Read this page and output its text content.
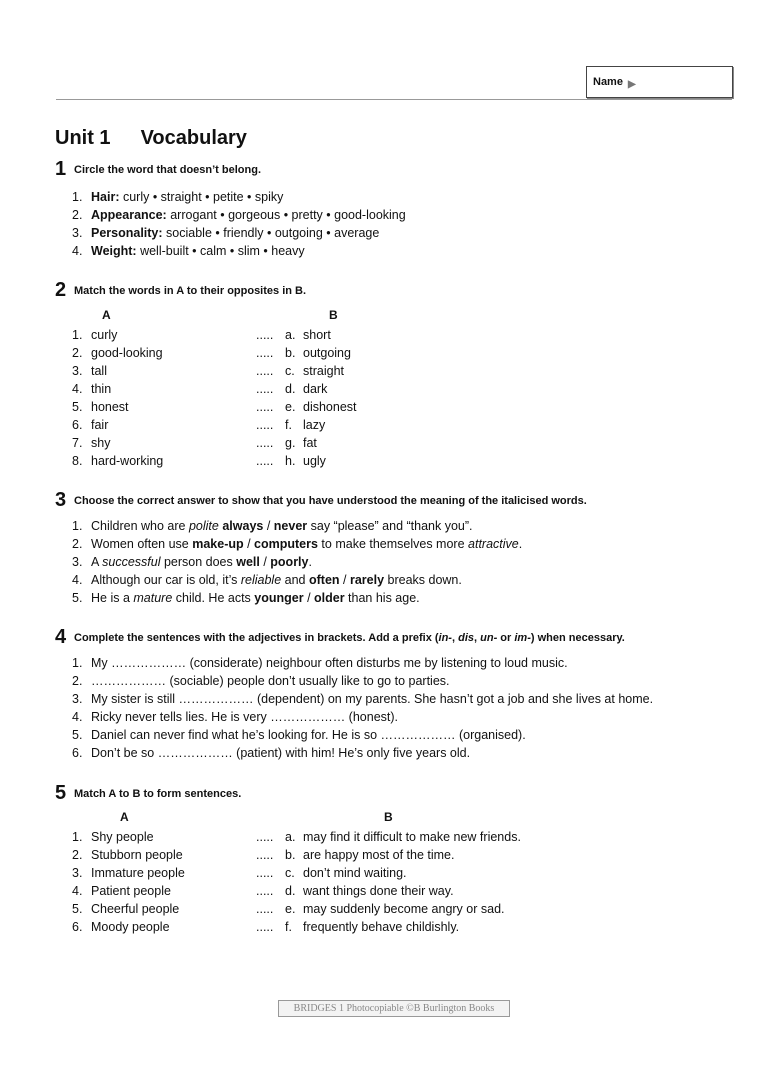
Name ▶
Unit 1 Vocabulary
1 Circle the word that doesn’t belong.
1. Hair: curly • straight • petite • spiky
2. Appearance: arrogant • gorgeous • pretty • good-looking
3. Personality: sociable • friendly • outgoing • average
4. Weight: well-built • calm • slim • heavy
2 Match the words in A to their opposites in B.
A	B
1. curly	..... a. short
2. good-looking	..... b. outgoing
3. tall	..... c. straight
4. thin	..... d. dark
5. honest	..... e. dishonest
6. fair	..... f. lazy
7. shy	..... g. fat
8. hard-working	..... h. ugly
3 Choose the correct answer to show that you have understood the meaning of the italicised words.
1. Children who are polite always / never say “please” and “thank you”.
2. Women often use make-up / computers to make themselves more attractive.
3. A successful person does well / poorly.
4. Although our car is old, it’s reliable and often / rarely breaks down.
5. He is a mature child. He acts younger / older than his age.
4 Complete the sentences with the adjectives in brackets. Add a prefix (in-, dis, un- or im-) when necessary.
1. My ……………… (considerate) neighbour often disturbs me by listening to loud music.
2. ……………… (sociable) people don’t usually like to go to parties.
3. My sister is still ……………… (dependent) on my parents. She hasn’t got a job and she lives at home.
4. Ricky never tells lies. He is very ……………… (honest).
5. Daniel can never find what he’s looking for. He is so ……………… (organised).
6. Don’t be so ……………… (patient) with him! He’s only five years old.
5 Match A to B to form sentences.
A	B
1. Shy people	..... a. may find it difficult to make new friends.
2. Stubborn people	..... b. are happy most of the time.
3. Immature people	..... c. don’t mind waiting.
4. Patient people	..... d. want things done their way.
5. Cheerful people	..... e. may suddenly become angry or sad.
6. Moody people	..... f. frequently behave childishly.
BRIDGES 1 Photocopiable ©B Burlington Books
